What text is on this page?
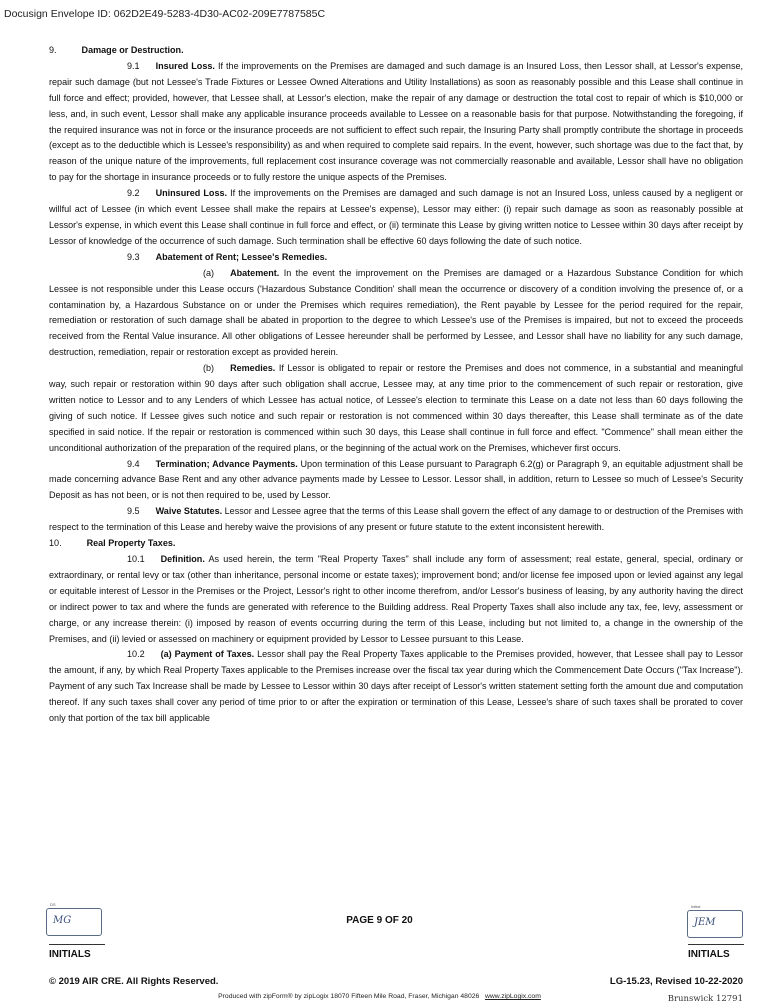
Docusign Envelope ID: 062D2E49-5283-4D30-AC02-209E7787585C

9.	Damage or Destruction.

9.1 Insured Loss. If the improvements on the Premises are damaged and such damage is an Insured Loss, then Lessor shall, at Lessor's expense, repair such damage (but not Lessee's Trade Fixtures or Lessee Owned Alterations and Utility Installations) as soon as reasonably possible and this Lease shall continue in full force and effect; provided, however, that Lessee shall, at Lessor's election, make the repair of any damage or destruction the total cost to repair of which is $10,000 or less, and, in such event, Lessor shall make any applicable insurance proceeds available to Lessee on a reasonable basis for that purpose. Notwithstanding the foregoing, if the required insurance was not in force or the insurance proceeds are not sufficient to effect such repair, the Insuring Party shall promptly contribute the shortage in proceeds (except as to the deductible which is Lessee's responsibility) as and when required to complete said repairs. In the event, however, such shortage was due to the fact that, by reason of the unique nature of the improvements, full replacement cost insurance coverage was not commercially reasonable and available, Lessor shall have no obligation to pay for the shortage in insurance proceeds or to fully restore the unique aspects of the Premises.

9.2 Uninsured Loss. If the improvements on the Premises are damaged and such damage is not an Insured Loss, unless caused by a negligent or willful act of Lessee (in which event Lessee shall make the repairs at Lessee's expense), Lessor may either: (i) repair such damage as soon as reasonably possible at Lessor's expense, in which event this Lease shall continue in full force and effect, or (ii) terminate this Lease by giving written notice to Lessee within 30 days after receipt by Lessor of knowledge of the occurrence of such damage. Such termination shall be effective 60 days following the date of such notice.

9.3 Abatement of Rent; Lessee's Remedies.

(a) Abatement. In the event the improvement on the Premises are damaged or a Hazardous Substance Condition for which Lessee is not responsible under this Lease occurs ('Hazardous Substance Condition' shall mean the occurrence or discovery of a condition involving the presence of, or a contamination by, a Hazardous Substance on or under the Premises which requires remediation), the Rent payable by Lessee for the period required for the repair, remediation or restoration of such damage shall be abated in proportion to the degree to which Lessee's use of the Premises is impaired, but not to exceed the proceeds received from the Rental Value insurance. All other obligations of Lessee hereunder shall be performed by Lessee, and Lessor shall have no liability for any such damage, destruction, remediation, repair or restoration except as provided herein.

(b) Remedies. If Lessor is obligated to repair or restore the Premises and does not commence, in a substantial and meaningful way, such repair or restoration within 90 days after such obligation shall accrue, Lessee may, at any time prior to the commencement of such repair or restoration, give written notice to Lessor and to any Lenders of which Lessee has actual notice, of Lessee's election to terminate this Lease on a date not less than 60 days following the giving of such notice. If Lessee gives such notice and such repair or restoration is not commenced within 30 days thereafter, this Lease shall terminate as of the date specified in said notice. If the repair or restoration is commenced within such 30 days, this Lease shall continue in full force and effect. "Commence" shall mean either the unconditional authorization of the preparation of the required plans, or the beginning of the actual work on the Premises, whichever first occurs.

9.4 Termination; Advance Payments. Upon termination of this Lease pursuant to Paragraph 6.2(g) or Paragraph 9, an equitable adjustment shall be made concerning advance Base Rent and any other advance payments made by Lessee to Lessor. Lessor shall, in addition, return to Lessee so much of Lessee's Security Deposit as has not been, or is not then required to be, used by Lessor.

9.5 Waive Statutes. Lessor and Lessee agree that the terms of this Lease shall govern the effect of any damage to or destruction of the Premises with respect to the termination of this Lease and hereby waive the provisions of any present or future statute to the extent inconsistent herewith.

10.	Real Property Taxes.

10.1 Definition. As used herein, the term "Real Property Taxes" shall include any form of assessment; real estate, general, special, ordinary or extraordinary, or rental levy or tax (other than inheritance, personal income or estate taxes); improvement bond; and/or license fee imposed upon or levied against any legal or equitable interest of Lessor in the Premises or the Project, Lessor's right to other income therefrom, and/or Lessor's business of leasing, by any authority having the direct or indirect power to tax and where the funds are generated with reference to the Building address. Real Property Taxes shall also include any tax, fee, levy, assessment or charge, or any increase therein: (i) imposed by reason of events occurring during the term of this Lease, including but not limited to, a change in the ownership of the Premises, and (ii) levied or assessed on machinery or equipment provided by Lessor to Lessee pursuant to this Lease.

10.2 (a) Payment of Taxes. Lessor shall pay the Real Property Taxes applicable to the Premises provided, however, that Lessee shall pay to Lessor the amount, if any, by which Real Property Taxes applicable to the Premises increase over the fiscal tax year during which the Commencement Date Occurs ("Tax Increase"). Payment of any such Tax Increase shall be made by Lessee to Lessor within 30 days after receipt of Lessor's written statement setting forth the amount due and computation thereof. If any such taxes shall cover any period of time prior to or after the expiration or termination of this Lease, Lessee's share of such taxes shall be prorated to cover only that portion of the tax bill applicable

DS
MG
INITIALS
PAGE 9 OF 20
Initial
JEM
INITIALS
© 2019 AIR CRE. All Rights Reserved.	LG-15.23, Revised 10-22-2020
Produced with zipForm® by zipLogix 18070 Fifteen Mile Road, Fraser, Michigan 48026 www.zipLogix.com	Brunswick 12791
